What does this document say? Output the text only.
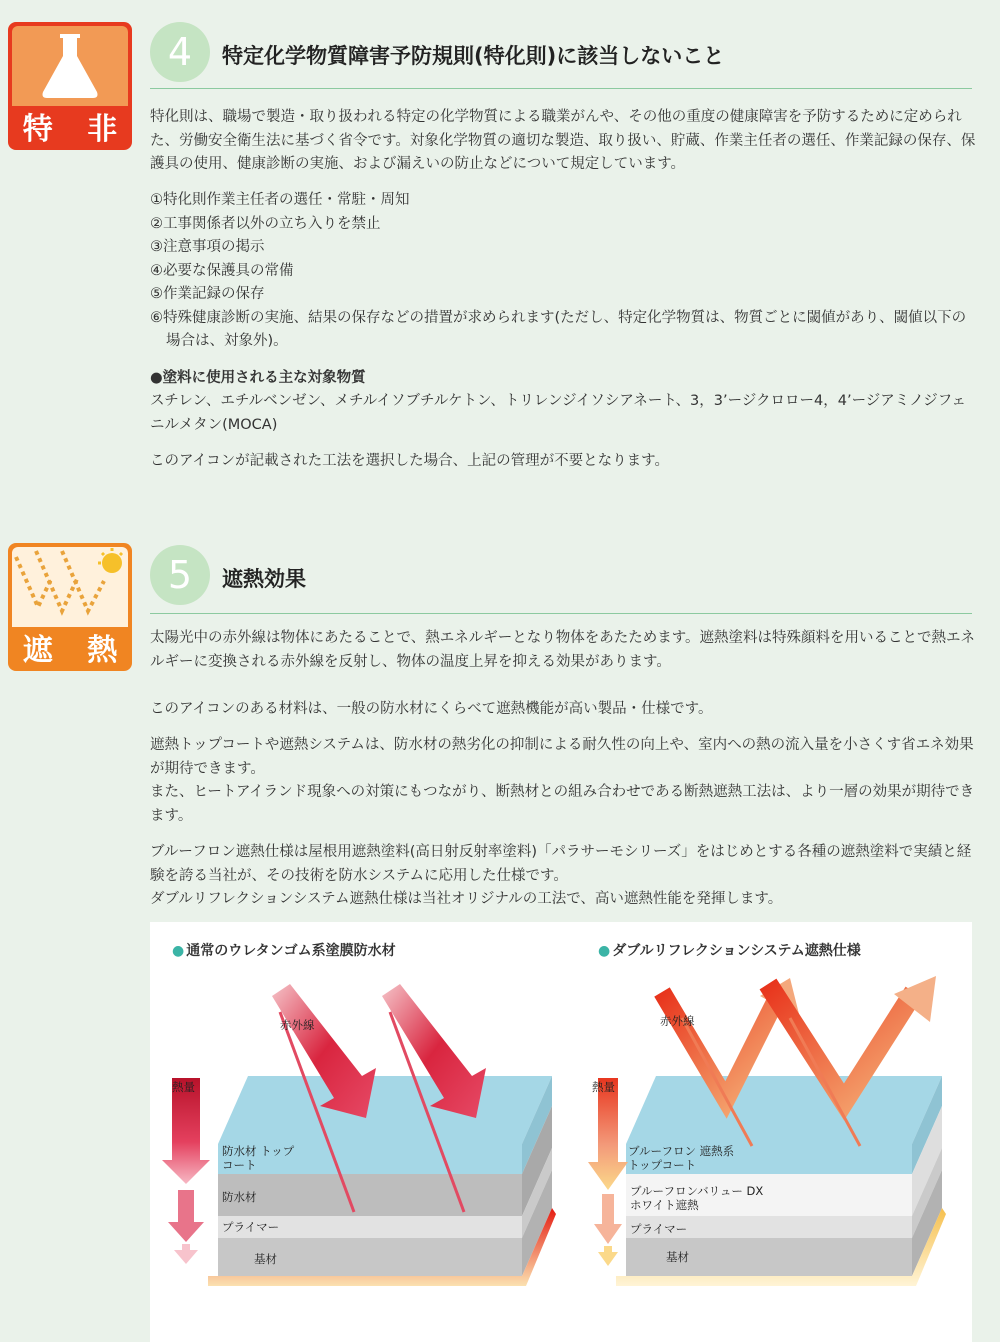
特 非
4	特定化学物質障害予防規則(特化則)に該当しないこと

特化則は、職場で製造・取り扱われる特定の化学物質による職業がんや、その他の重度の健康障害を予防するために定められた、労働安全衛生法に基づく省令です。対象化学物質の適切な製造、取り扱い、貯蔵、作業主任者の選任、作業記録の保存、保護具の使用、健康診断の実施、および漏えいの防止などについて規定しています。

①特化則作業主任者の選任・常駐・周知
②工事関係者以外の立ち入りを禁止
③注意事項の掲示
④必要な保護具の常備
⑤作業記録の保存
⑥特殊健康診断の実施、結果の保存などの措置が求められます(ただし、特定化学物質は、物質ごとに閾値があり、閾値以下の場合は、対象外)。
●塗料に使用される主な対象物質

スチレン、エチルベンゼン、メチルイソブチルケトン、トリレンジイソシアネート、3，3’ージクロロー4，4’ージアミノジフェニルメタン(MOCA)

このアイコンが記載された工法を選択した場合、上記の管理が不要となります。

遮 熱
5	遮熱効果

太陽光中の赤外線は物体にあたることで、熱エネルギーとなり物体をあたためます。遮熱塗料は特殊顔料を用いることで熱エネルギーに変換される赤外線を反射し、物体の温度上昇を抑える効果があります。

このアイコンのある材料は、一般の防水材にくらべて遮熱機能が高い製品・仕様です。

遮熱トップコートや遮熱システムは、防水材の熱劣化の抑制による耐久性の向上や、室内への熱の流入量を小さくす省エネ効果が期待できます。

また、ヒートアイランド現象への対策にもつながり、断熱材との組み合わせである断熱遮熱工法は、より一層の効果が期待できます。

ブルーフロン遮熱仕様は屋根用遮熱塗料(高日射反射率塗料)「パラサーモシリーズ」をはじめとする各種の遮熱塗料で実績と経験を誇る当社が、その技術を防水システムに応用した仕様です。

ダブルリフレクションシステム遮熱仕様は当社オリジナルの工法で、高い遮熱性能を発揮します。

● 通常のウレタンゴム系塗膜防水材
赤外線
熱量
防水材 トップコート
防水材
プライマー
基材
● ダブルリフレクションシステム遮熱仕様
赤外線
熱量
ブルーフロン 遮熱系トップコート
ブルーフロンバリュー DX ホワイト遮熱
プライマー
基材
